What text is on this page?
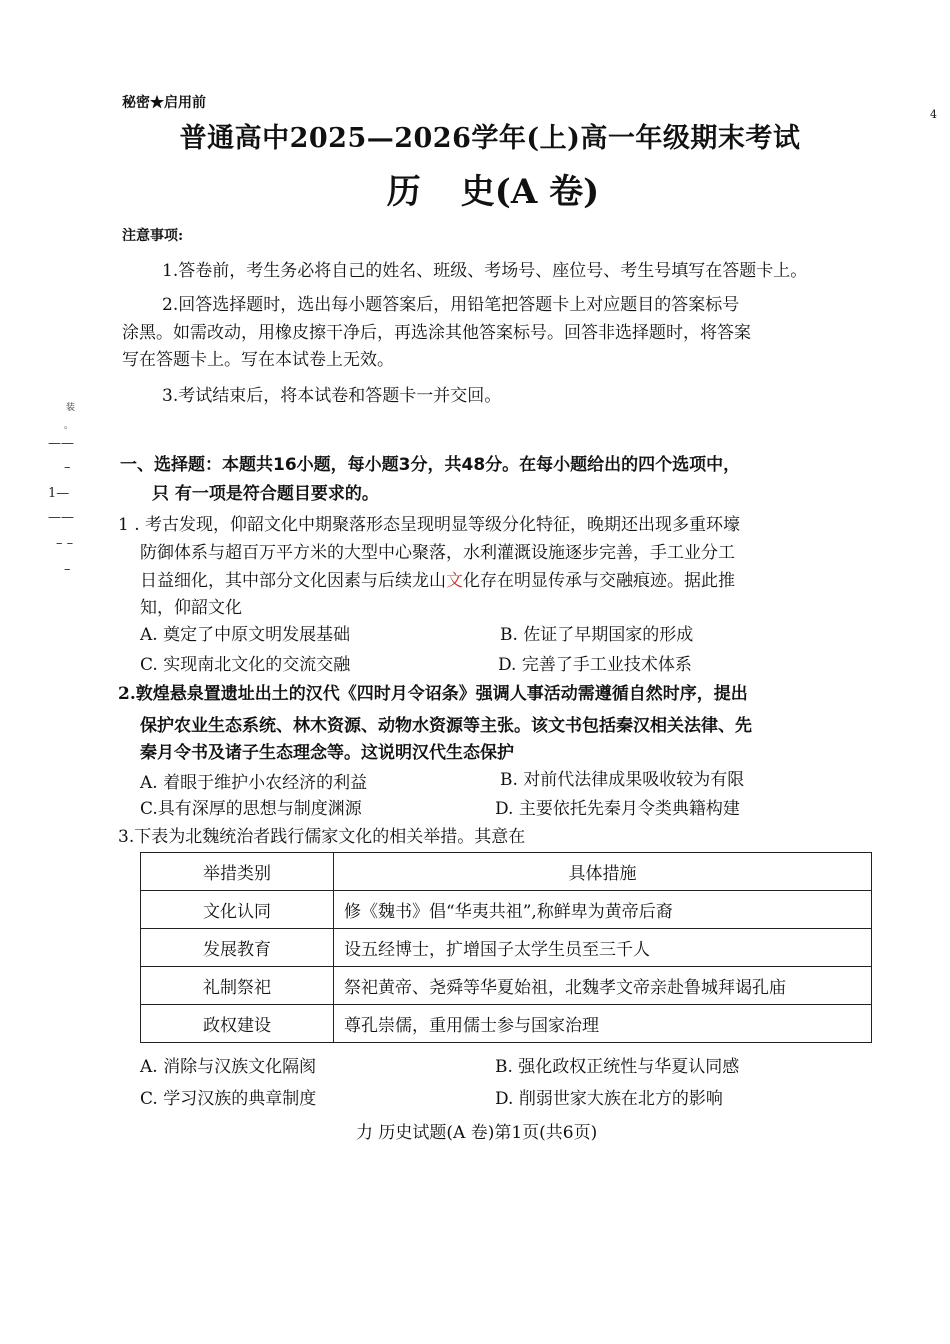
秘密★启用前
4
普通高中2025—2026学年(上)高一年级期末考试
历 史(A 卷)
注意事项:
1.答卷前，考生务必将自己的姓名、班级、考场号、座位号、考生号填写在答题卡上。
2.回答选择题时，选出每小题答案后，用铅笔把答题卡上对应题目的答案标号
涂黑。如需改动，用橡皮擦干净后，再选涂其他答案标号。回答非选择题时，将答案
写在答题卡上。写在本试卷上无效。
3.考试结束后，将本试卷和答题卡一并交回。
装
。
——
–
1—
——
– –
–
一、选择题：本题共16小题，每小题3分，共48分。在每小题给出的四个选项中，
只 有一项是符合题目要求的。
1 . 考古发现，仰韶文化中期聚落形态呈现明显等级分化特征，晚期还出现多重环壕
防御体系与超百万平方米的大型中心聚落，水利灌溉设施逐步完善，手工业分工
日益细化，其中部分文化因素与后续龙山文化存在明显传承与交融痕迹。据此推
知，仰韶文化
A. 奠定了中原文明发展基础	B. 佐证了早期国家的形成
C. 实现南北文化的交流交融	D. 完善了手工业技术体系
2.敦煌悬泉置遗址出土的汉代《四时月令诏条》强调人事活动需遵循自然时序，提出
保护农业生态系统、林木资源、动物水资源等主张。该文书包括秦汉相关法律、先
秦月令书及诸子生态理念等。这说明汉代生态保护
A. 着眼于维护小农经济的利益	B. 对前代法律成果吸收较为有限
C.具有深厚的思想与制度渊源	D. 主要依托先秦月令类典籍构建
3.下表为北魏统治者践行儒家文化的相关举措。其意在
举措类别	具体措施
文化认同	修《魏书》倡“华夷共祖”,称鲜卑为黄帝后裔
发展教育	设五经博士，扩增国子太学生员至三千人
礼制祭祀	祭祀黄帝、尧舜等华夏始祖，北魏孝文帝亲赴鲁城拜谒孔庙
政权建设	尊孔崇儒，重用儒士参与国家治理
A. 消除与汉族文化隔阂	B. 强化政权正统性与华夏认同感
C. 学习汉族的典章制度	D. 削弱世家大族在北方的影响
力 历史试题(A 卷)第1页(共6页)
